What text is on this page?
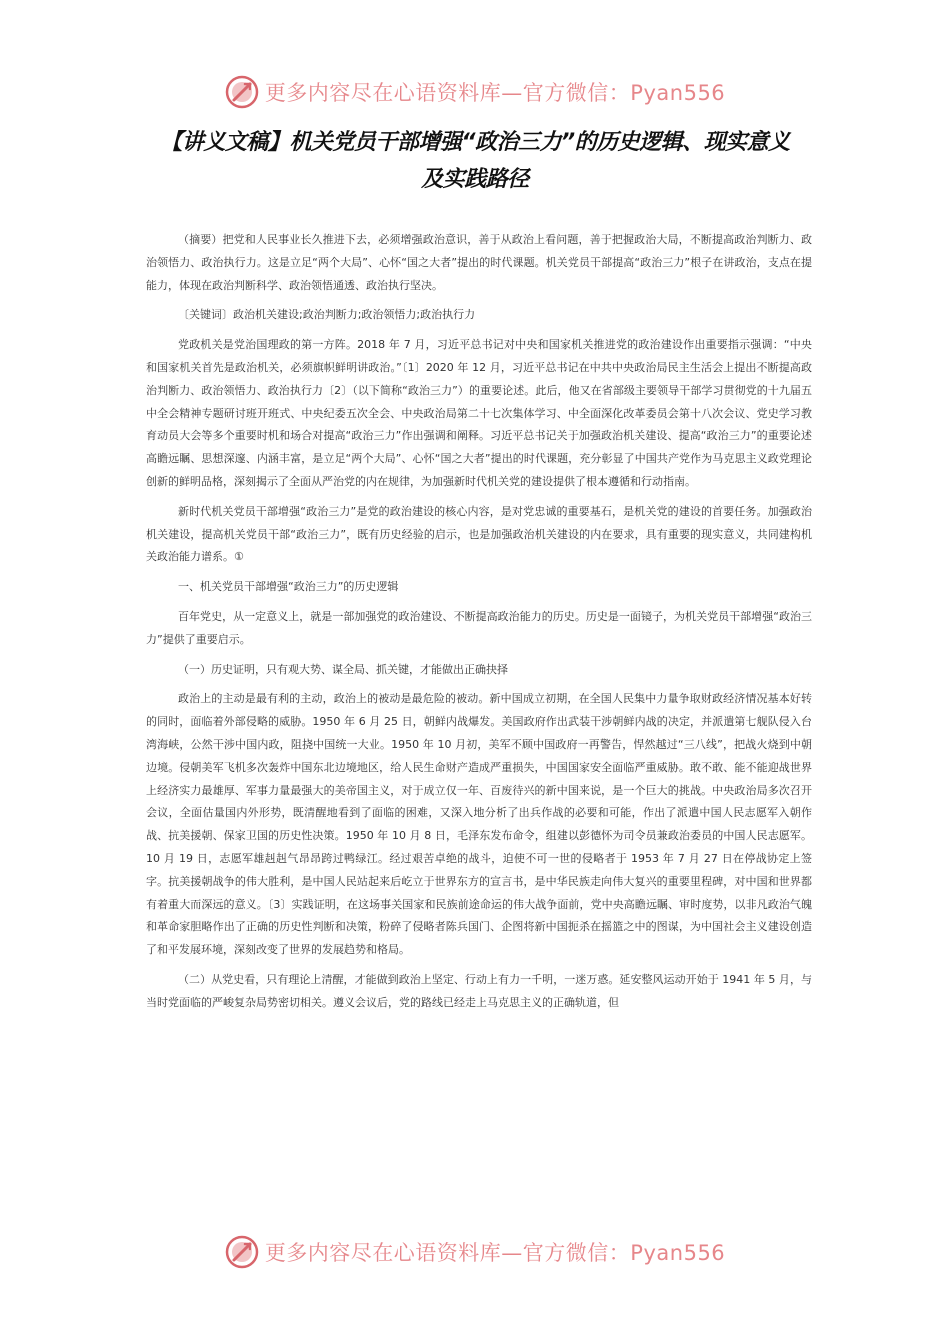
更多内容尽在心语资料库—官方微信：Pyan556
【讲义文稿】机关党员干部增强“政治三力”的历史逻辑、现实意义
及实践路径

（摘要）把党和人民事业长久推进下去，必须增强政治意识，善于从政治上看问题，善于把握政治大局，不断提高政治判断力、政治领悟力、政治执行力。这是立足“两个大局”、心怀“国之大者”提出的时代课题。机关党员干部提高“政治三力”根子在讲政治，支点在提能力，体现在政治判断科学、政治领悟通透、政治执行坚决。

〔关键词〕政治机关建设;政治判断力;政治领悟力;政治执行力

党政机关是党治国理政的第一方阵。2018 年 7 月，习近平总书记对中央和国家机关推进党的政治建设作出重要指示强调：“中央和国家机关首先是政治机关，必须旗帜鲜明讲政治。”〔1〕2020 年 12 月，习近平总书记在中共中央政治局民主生活会上提出不断提高政治判断力、政治领悟力、政治执行力〔2〕（以下简称“政治三力”）的重要论述。此后，他又在省部级主要领导干部学习贯彻党的十九届五中全会精神专题研讨班开班式、中央纪委五次全会、中央政治局第二十七次集体学习、中全面深化改革委员会第十八次会议、党史学习教育动员大会等多个重要时机和场合对提高“政治三力”作出强调和阐释。习近平总书记关于加强政治机关建设、提高“政治三力”的重要论述高瞻远瞩、思想深邃、内涵丰富，是立足“两个大局”、心怀“国之大者”提出的时代课题，充分彰显了中国共产党作为马克思主义政党理论创新的鲜明品格，深刻揭示了全面从严治党的内在规律，为加强新时代机关党的建设提供了根本遵循和行动指南。

新时代机关党员干部增强“政治三力”是党的政治建设的核心内容，是对党忠诚的重要基石，是机关党的建设的首要任务。加强政治机关建设，提高机关党员干部“政治三力”，既有历史经验的启示，也是加强政治机关建设的内在要求，具有重要的现实意义，共同建构机关政治能力谱系。①

一、机关党员干部增强“政治三力”的历史逻辑

百年党史，从一定意义上，就是一部加强党的政治建设、不断提高政治能力的历史。历史是一面镜子，为机关党员干部增强“政治三力”提供了重要启示。

（一）历史证明，只有观大势、谋全局、抓关键，才能做出正确抉择

政治上的主动是最有利的主动，政治上的被动是最危险的被动。新中国成立初期，在全国人民集中力量争取财政经济情况基本好转的同时，面临着外部侵略的威胁。1950 年 6 月 25 日，朝鲜内战爆发。美国政府作出武装干涉朝鲜内战的决定，并派遣第七舰队侵入台湾海峡，公然干涉中国内政，阻挠中国统一大业。1950 年 10 月初，美军不顾中国政府一再警告，悍然越过“三八线”，把战火烧到中朝边境。侵朝美军飞机多次轰炸中国东北边境地区，给人民生命财产造成严重损失，中国国家安全面临严重威胁。敢不敢、能不能迎战世界上经济实力最雄厚、军事力量最强大的美帝国主义，对于成立仅一年、百废待兴的新中国来说，是一个巨大的挑战。中央政治局多次召开会议，全面估量国内外形势，既清醒地看到了面临的困难，又深入地分析了出兵作战的必要和可能，作出了派遣中国人民志愿军入朝作战、抗美援朝、保家卫国的历史性决策。1950 年 10 月 8 日，毛泽东发布命令，组建以彭德怀为司令员兼政治委员的中国人民志愿军。10 月 19 日，志愿军雄赳赳气昂昂跨过鸭绿江。经过艰苦卓绝的战斗，迫使不可一世的侵略者于 1953 年 7 月 27 日在停战协定上签字。抗美援朝战争的伟大胜利，是中国人民站起来后屹立于世界东方的宣言书，是中华民族走向伟大复兴的重要里程碑，对中国和世界都有着重大而深远的意义。〔3〕实践证明，在这场事关国家和民族前途命运的伟大战争面前，党中央高瞻远瞩、审时度势，以非凡政治气魄和革命家胆略作出了正确的历史性判断和决策，粉碎了侵略者陈兵国门、企图将新中国扼杀在摇篮之中的图谋，为中国社会主义建设创造了和平发展环境，深刻改变了世界的发展趋势和格局。

（二）从党史看，只有理论上清醒，才能做到政治上坚定、行动上有力一千明，一迷万惑。延安整风运动开始于 1941 年 5 月，与当时党面临的严峻复杂局势密切相关。遵义会议后，党的路线已经走上马克思主义的正确轨道，但

更多内容尽在心语资料库—官方微信：Pyan556
